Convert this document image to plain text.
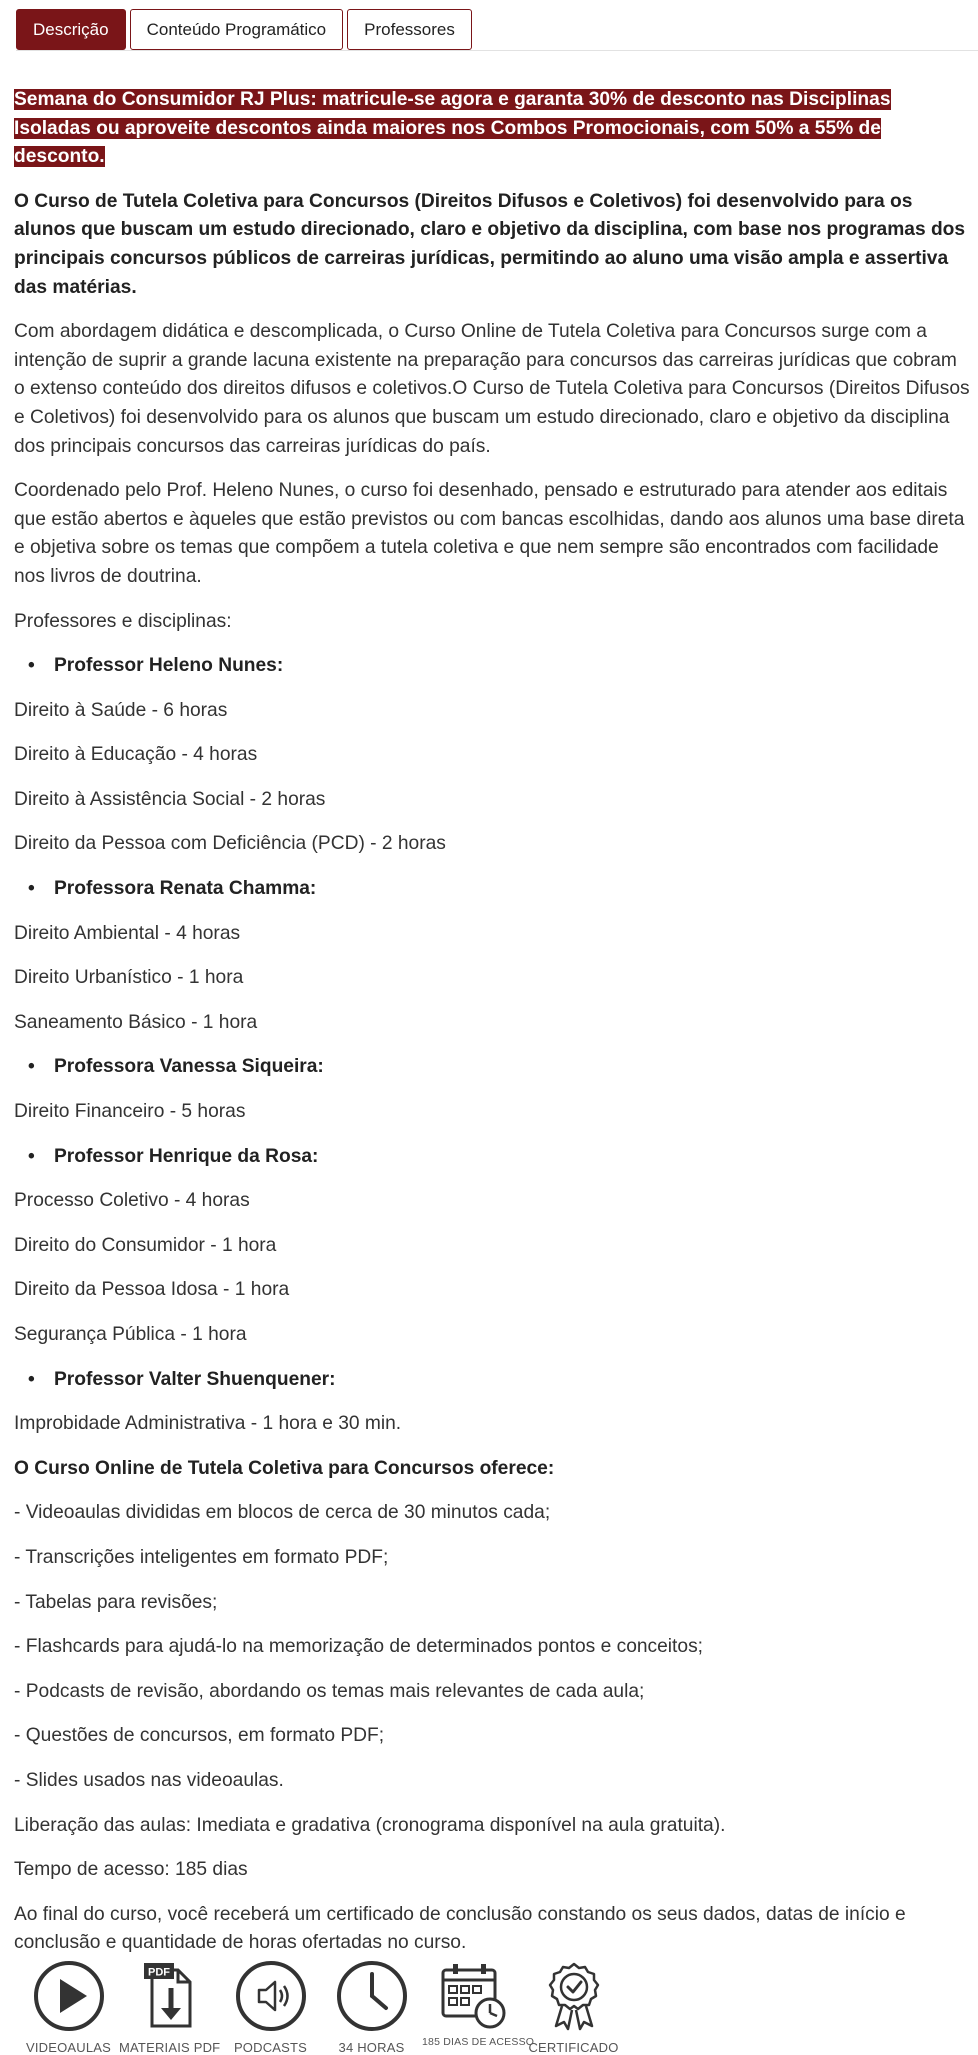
Descrição	Conteúdo Programático	Professores

Semana do Consumidor RJ Plus: matricule-se agora e garanta 30% de desconto nas Disciplinas Isoladas ou aproveite descontos ainda maiores nos Combos Promocionais, com 50% a 55% de desconto.

O Curso de Tutela Coletiva para Concursos (Direitos Difusos e Coletivos) foi desenvolvido para os alunos que buscam um estudo direcionado, claro e objetivo da disciplina, com base nos programas dos principais concursos públicos de carreiras jurídicas, permitindo ao aluno uma visão ampla e assertiva das matérias.

Com abordagem didática e descomplicada, o Curso Online de Tutela Coletiva para Concursos surge com a intenção de suprir a grande lacuna existente na preparação para concursos das carreiras jurídicas que cobram o extenso conteúdo dos direitos difusos e coletivos.O Curso de Tutela Coletiva para Concursos (Direitos Difusos e Coletivos) foi desenvolvido para os alunos que buscam um estudo direcionado, claro e objetivo da disciplina dos principais concursos das carreiras jurídicas do país.

Coordenado pelo Prof. Heleno Nunes, o curso foi desenhado, pensado e estruturado para atender aos editais que estão abertos e àqueles que estão previstos ou com bancas escolhidas, dando aos alunos uma base direta e objetiva sobre os temas que compõem a tutela coletiva e que nem sempre são encontrados com facilidade nos livros de doutrina.

Professores e disciplinas:

• Professor Heleno Nunes:

Direito à Saúde - 6 horas

Direito à Educação - 4 horas

Direito à Assistência Social - 2 horas

Direito da Pessoa com Deficiência (PCD) - 2 horas

• Professora Renata Chamma:

Direito Ambiental - 4 horas

Direito Urbanístico - 1 hora

Saneamento Básico - 1 hora

• Professora Vanessa Siqueira:

Direito Financeiro - 5 horas

• Professor Henrique da Rosa:

Processo Coletivo - 4 horas

Direito do Consumidor - 1 hora

Direito da Pessoa Idosa - 1 hora

Segurança Pública - 1 hora

• Professor Valter Shuenquener:

Improbidade Administrativa - 1 hora e 30 min.

O Curso Online de Tutela Coletiva para Concursos oferece:

- Videoaulas divididas em blocos de cerca de 30 minutos cada;

- Transcrições inteligentes em formato PDF;

- Tabelas para revisões;

- Flashcards para ajudá-lo na memorização de determinados pontos e conceitos;

- Podcasts de revisão, abordando os temas mais relevantes de cada aula;

- Questões de concursos, em formato PDF;

- Slides usados nas videoaulas.

Liberação das aulas: Imediata e gradativa (cronograma disponível na aula gratuita).

Tempo de acesso: 185 dias

Ao final do curso, você receberá um certificado de conclusão constando os seus dados, datas de início e conclusão e quantidade de horas ofertadas no curso.

VIDEOAULAS
PDF
MATERIAIS PDF	PODCASTS	34 HORAS	185 DIAS DE ACESSO
CERTIFICADO
